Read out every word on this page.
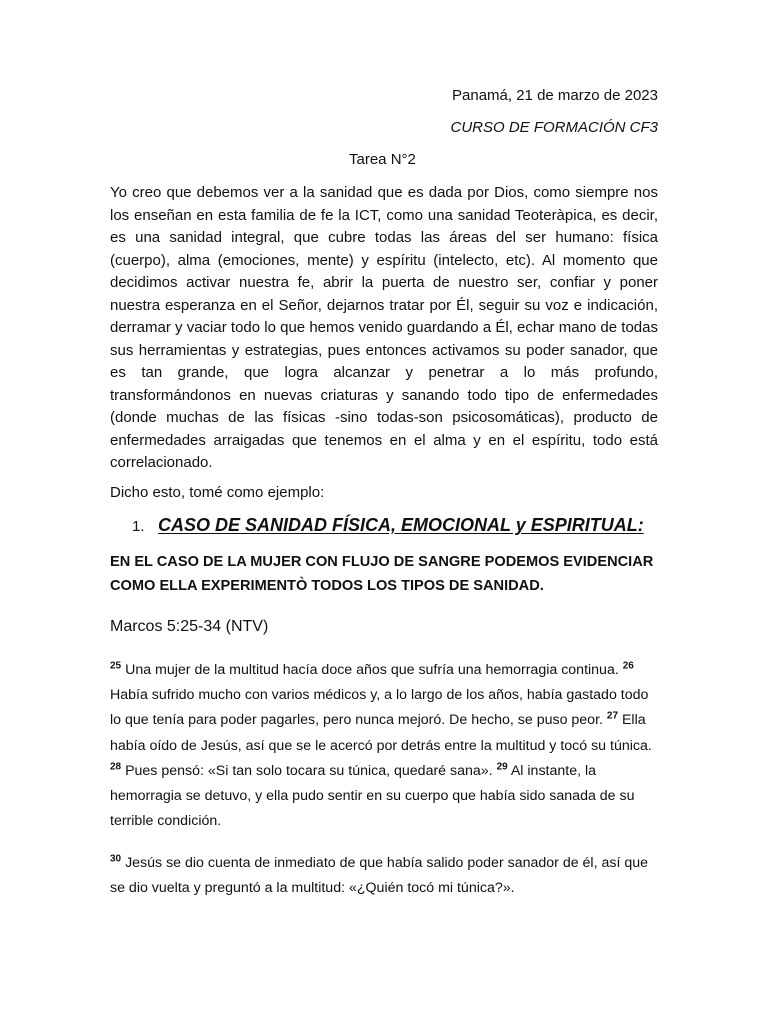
Panamá, 21 de marzo de 2023
CURSO DE FORMACIÓN CF3
Tarea N°2

Yo creo que debemos ver a la sanidad que es dada por Dios, como siempre nos los enseñan en esta familia de fe la ICT, como una sanidad Teoteràpica, es decir, es una sanidad integral, que cubre todas las áreas del ser humano: física (cuerpo), alma (emociones, mente) y espíritu (intelecto, etc). Al momento que decidimos activar nuestra fe, abrir la puerta de nuestro ser, confiar y poner nuestra esperanza en el Señor, dejarnos tratar por Él, seguir su voz e indicación, derramar y vaciar todo lo que hemos venido guardando a Él, echar mano de todas sus herramientas y estrategias, pues entonces activamos su poder sanador, que es tan grande, que logra alcanzar y penetrar a lo más profundo, transformándonos en nuevas criaturas y sanando todo tipo de enfermedades (donde muchas de las físicas -sino todas-son psicosomáticas), producto de enfermedades arraigadas que tenemos en el alma y en el espíritu, todo está correlacionado.

Dicho esto, tomé como ejemplo:
1. CASO DE SANIDAD FÍSICA, EMOCIONAL y ESPIRITUAL:

EN EL CASO DE LA MUJER CON FLUJO DE SANGRE PODEMOS EVIDENCIAR COMO ELLA EXPERIMENTÒ TODOS LOS TIPOS DE SANIDAD.

Marcos 5:25-34 (NTV)

$^{25}$ Una mujer de la multitud hacía doce años que sufría una hemorragia continua. $^{26}$ Había sufrido mucho con varios médicos y, a lo largo de los años, había gastado todo lo que tenía para poder pagarles, pero nunca mejoró. De hecho, se puso peor. $^{27}$ Ella había oído de Jesús, así que se le acercó por detrás entre la multitud y tocó su túnica. $^{28}$ Pues pensó: «Si tan solo tocara su túnica, quedaré sana». $^{29}$ Al instante, la hemorragia se detuvo, y ella pudo sentir en su cuerpo que había sido sanada de su terrible condición.

$^{30}$ Jesús se dio cuenta de inmediato de que había salido poder sanador de él, así que se dio vuelta y preguntó a la multitud: «¿Quién tocó mi túnica?».
